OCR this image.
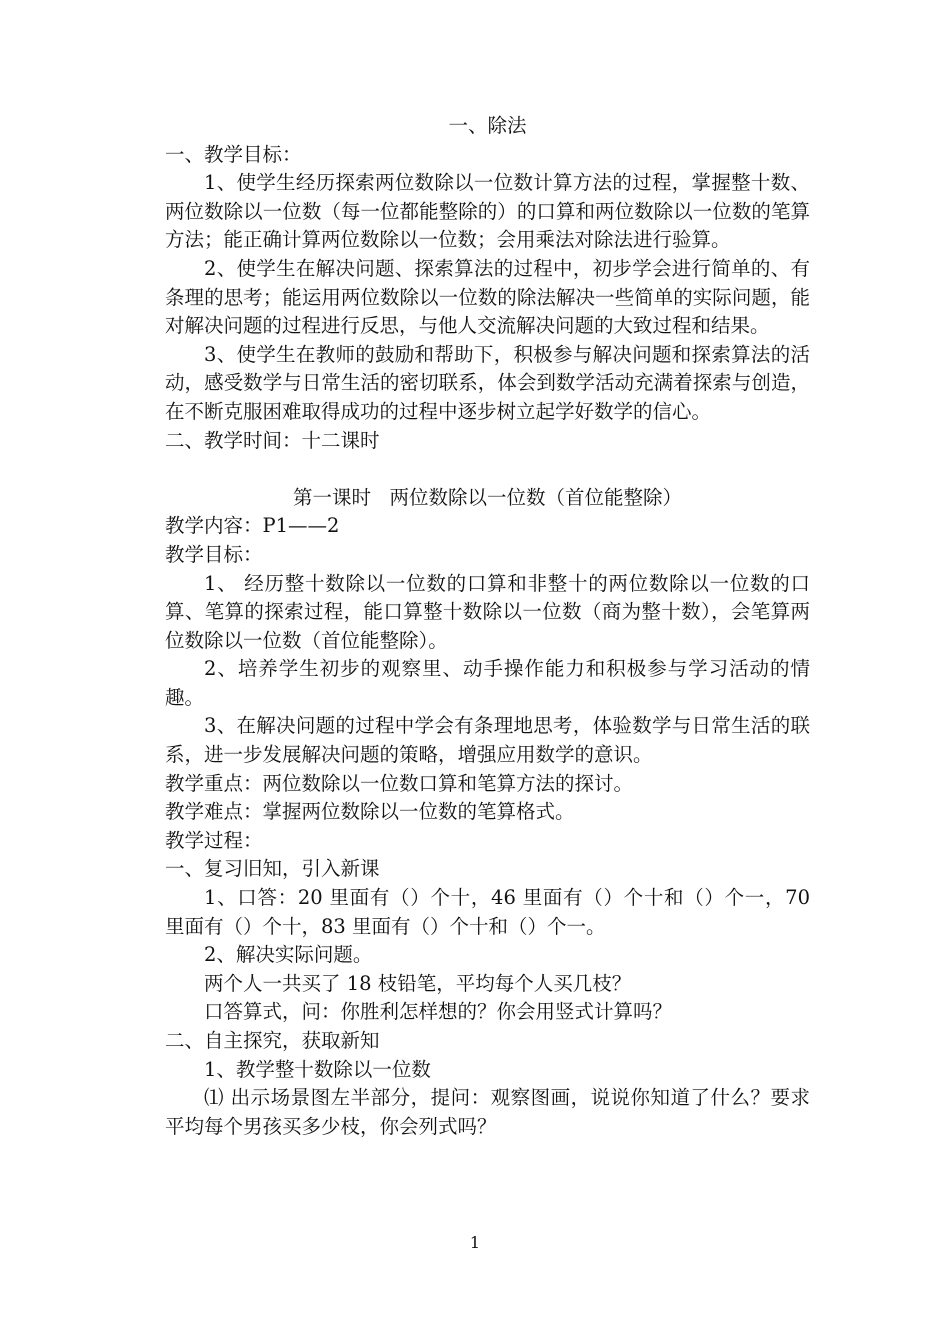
一、除法

一、教学目标：

1、使学生经历探索两位数除以一位数计算方法的过程，掌握整十数、两位数除以一位数（每一位都能整除的）的口算和两位数除以一位数的笔算方法；能正确计算两位数除以一位数；会用乘法对除法进行验算。

2、使学生在解决问题、探索算法的过程中，初步学会进行简单的、有条理的思考；能运用两位数除以一位数的除法解决一些简单的实际问题，能对解决问题的过程进行反思，与他人交流解决问题的大致过程和结果。

3、使学生在教师的鼓励和帮助下，积极参与解决问题和探索算法的活动，感受数学与日常生活的密切联系，体会到数学活动充满着探索与创造，在不断克服困难取得成功的过程中逐步树立起学好数学的信心。

二、教学时间：十二课时

第一课时   两位数除以一位数（首位能整除）

教学内容：P1——2

教学目标：

1、 经历整十数除以一位数的口算和非整十的两位数除以一位数的口算、笔算的探索过程，能口算整十数除以一位数（商为整十数），会笔算两位数除以一位数（首位能整除）。

2、培养学生初步的观察里、动手操作能力和积极参与学习活动的情趣。

3、在解决问题的过程中学会有条理地思考，体验数学与日常生活的联系，进一步发展解决问题的策略，增强应用数学的意识。

教学重点：两位数除以一位数口算和笔算方法的探讨。

教学难点：掌握两位数除以一位数的笔算格式。

教学过程：

一、复习旧知，引入新课

1、口答：20 里面有（）个十，46 里面有（）个十和（）个一，70 里面有（）个十，83 里面有（）个十和（）个一。

2、解决实际问题。

两个人一共买了 18 枝铅笔，平均每个人买几枝？

口答算式，问：你胜利怎样想的？你会用竖式计算吗？

二、自主探究，获取新知

1、教学整十数除以一位数

⑴ 出示场景图左半部分，提问：观察图画，说说你知道了什么？要求平均每个男孩买多少枝，你会列式吗？

1
